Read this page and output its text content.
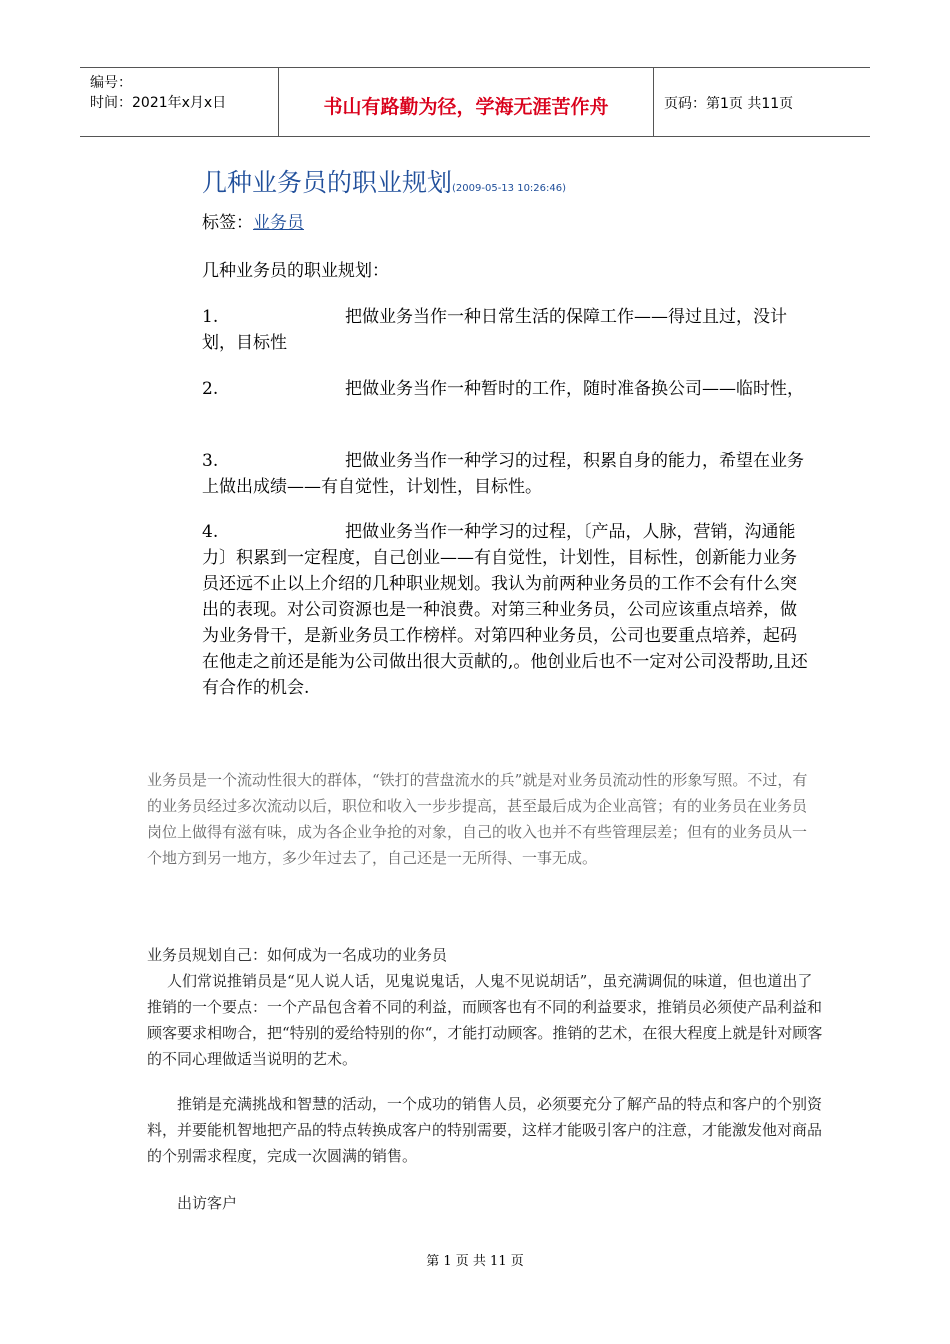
编号：
时间：2021年x月x日	书山有路勤为径，学海无涯苦作舟	页码：第1页 共11页
几种业务员的职业规划(2009-05-13 10:26:46)
标签：业务员
几种业务员的职业规划：
1.	把做业务当作一种日常生活的保障工作——得过且过，没计划，目标性
2.	把做业务当作一种暂时的工作，随时准备换公司——临时性，
3.	把做业务当作一种学习的过程，积累自身的能力，希望在业务上做出成绩——有自觉性，计划性，目标性。
4.	把做业务当作一种学习的过程，〔产品，人脉，营销，沟通能力〕积累到一定程度，自己创业——有自觉性，计划性，目标性，创新能力业务员还远不止以上介绍的几种职业规划。我认为前两种业务员的工作不会有什么突出的表现。对公司资源也是一种浪费。对第三种业务员，公司应该重点培养，做为业务骨干，是新业务员工作榜样。对第四种业务员，公司也要重点培养，起码在他走之前还是能为公司做出很大贡献的,。他创业后也不一定对公司没帮助,且还有合作的机会.
业务员是一个流动性很大的群体，“铁打的营盘流水的兵”就是对业务员流动性的形象写照。不过，有的业务员经过多次流动以后，职位和收入一步步提高，甚至最后成为企业高管；有的业务员在业务员岗位上做得有滋有味，成为各企业争抢的对象，自己的收入也并不有些管理层差；但有的业务员从一个地方到另一地方，多少年过去了，自己还是一无所得、一事无成。
业务员规划自己：如何成为一名成功的业务员
人们常说推销员是“见人说人话，见鬼说鬼话，人鬼不见说胡话”，虽充满调侃的味道，但也道出了推销的一个要点：一个产品包含着不同的利益，而顾客也有不同的利益要求，推销员必须使产品利益和顾客要求相吻合，把“特别的爱给特别的你“，才能打动顾客。推销的艺术，在很大程度上就是针对顾客的不同心理做适当说明的艺术。
推销是充满挑战和智慧的活动，一个成功的销售人员，必须要充分了解产品的特点和客户的个别资料，并要能机智地把产品的特点转换成客户的特别需要，这样才能吸引客户的注意，才能激发他对商品的个别需求程度，完成一次圆满的销售。
出访客户
第 1 页 共 11 页
